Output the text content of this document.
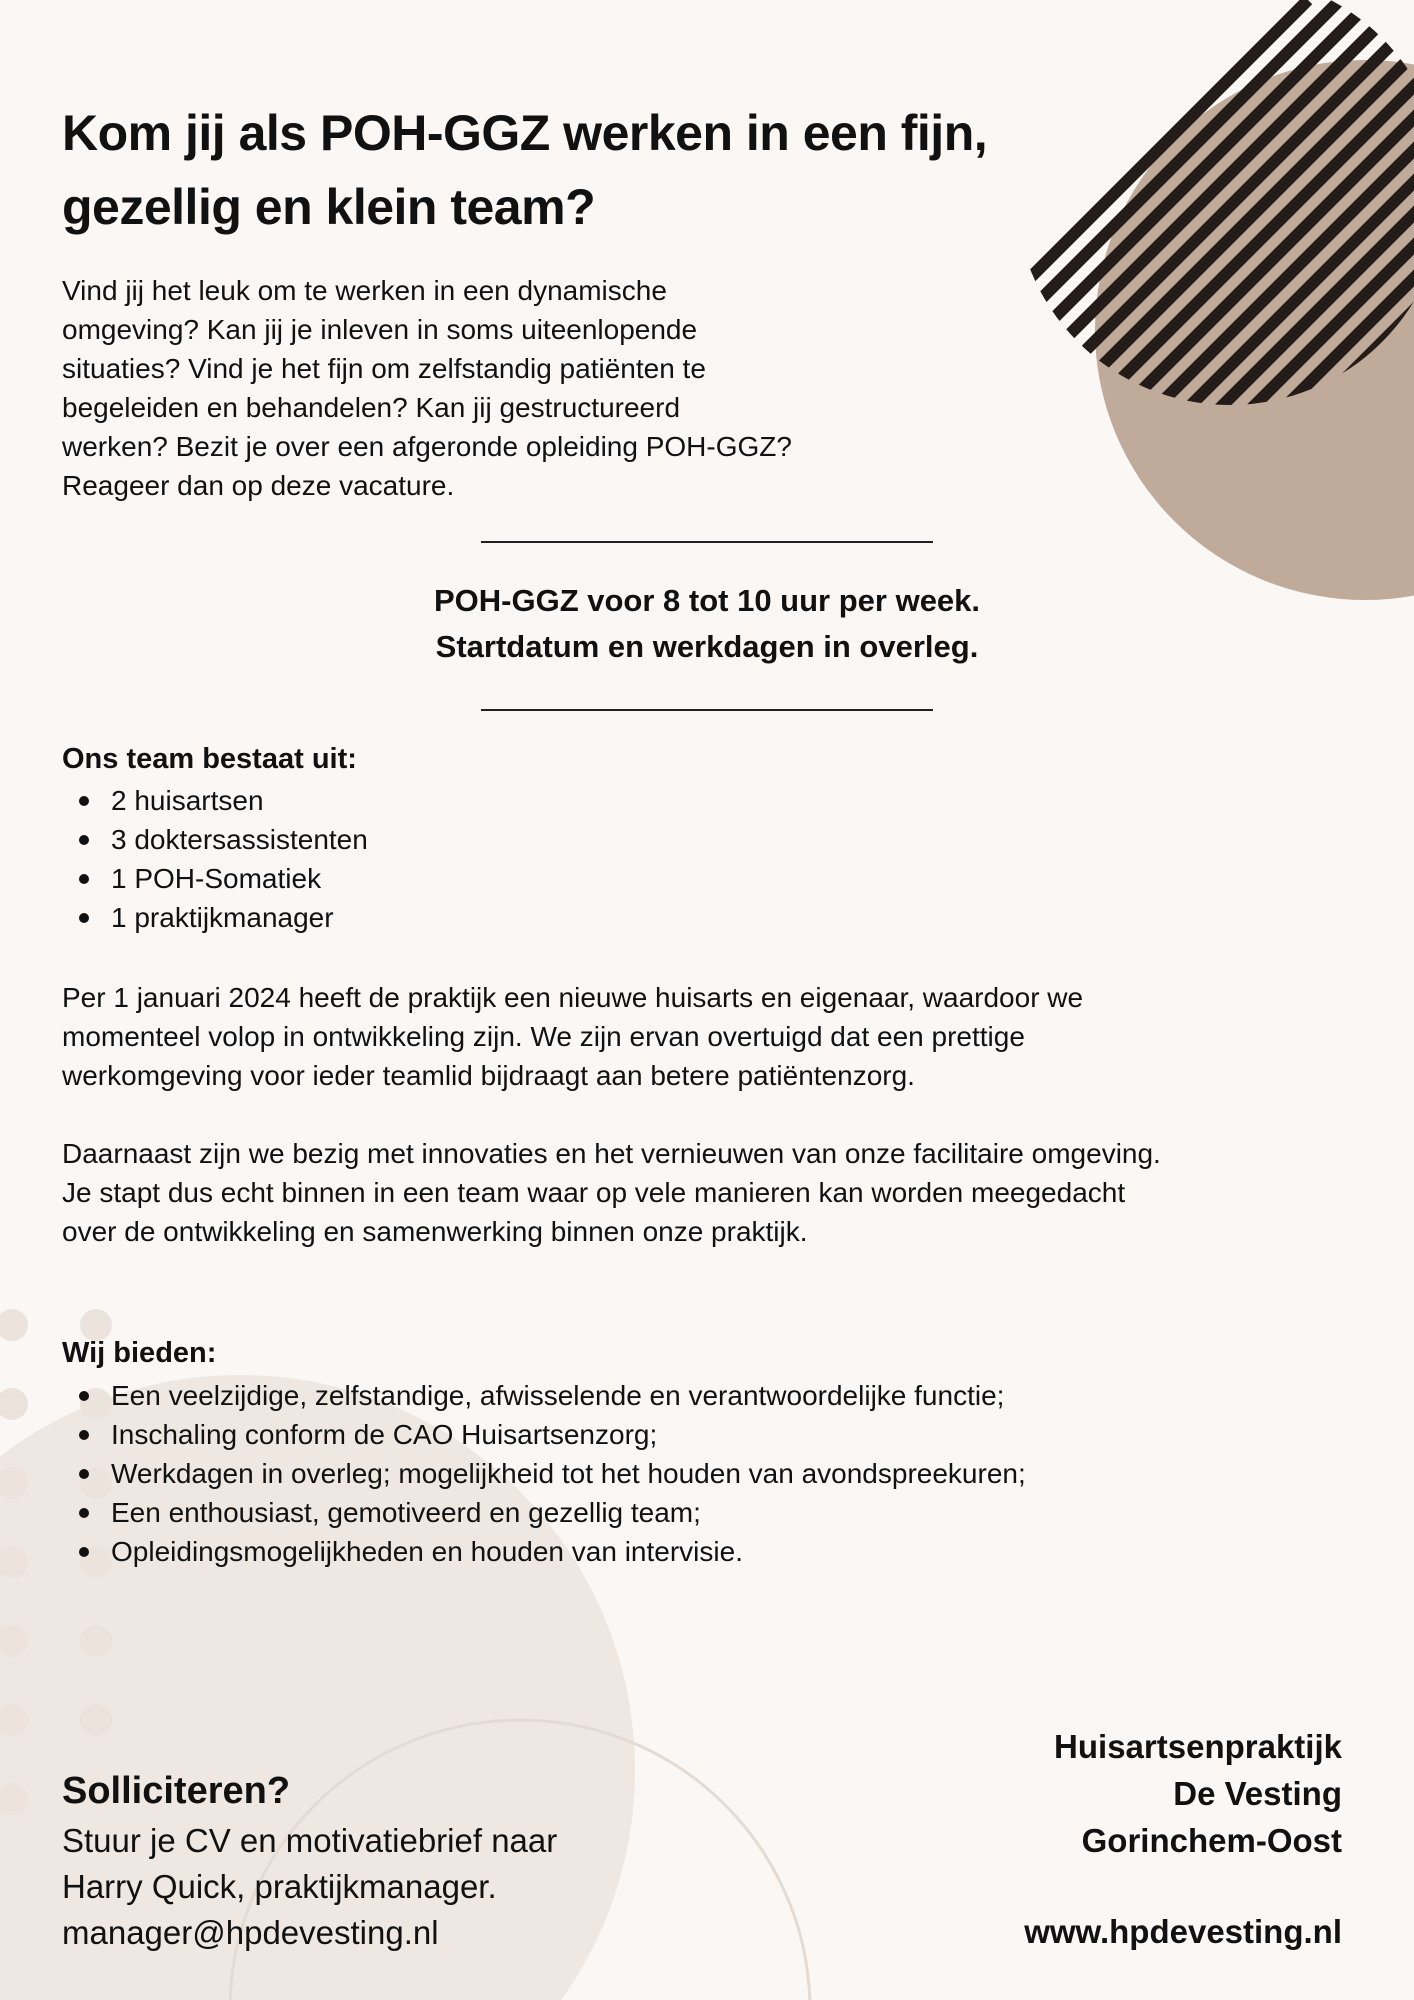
Kom jij als POH-GGZ werken in een fijn, gezellig en klein team?

Vind jij het leuk om te werken in een dynamische
omgeving? Kan jij je inleven in soms uiteenlopende
situaties? Vind je het fijn om zelfstandig patiënten te
begeleiden en behandelen? Kan jij gestructureerd
werken? Bezit je over een afgeronde opleiding POH-GGZ?
Reageer dan op deze vacature.

POH-GGZ voor 8 tot 10 uur per week.
Startdatum en werkdagen in overleg.
Ons team bestaat uit:
2 huisartsen
3 doktersassistenten
1 POH-Somatiek
1 praktijkmanager

Per 1 januari 2024 heeft de praktijk een nieuwe huisarts en eigenaar, waardoor we
momenteel volop in ontwikkeling zijn. We zijn ervan overtuigd dat een prettige
werkomgeving voor ieder teamlid bijdraagt aan betere patiëntenzorg.

Daarnaast zijn we bezig met innovaties en het vernieuwen van onze facilitaire omgeving.
Je stapt dus echt binnen in een team waar op vele manieren kan worden meegedacht
over de ontwikkeling en samenwerking binnen onze praktijk.

Wij bieden:
Een veelzijdige, zelfstandige, afwisselende en verantwoordelijke functie;
Inschaling conform de CAO Huisartsenzorg;
Werkdagen in overleg; mogelijkheid tot het houden van avondspreekuren;
Een enthousiast, gemotiveerd en gezellig team;
Opleidingsmogelijkheden en houden van intervisie.
Solliciteren?

Stuur je CV en motivatiebrief naar
Harry Quick, praktijkmanager.
manager@hpdevesting.nl

Huisartsenpraktijk
De Vesting
Gorinchem-Oost
www.hpdevesting.nl
